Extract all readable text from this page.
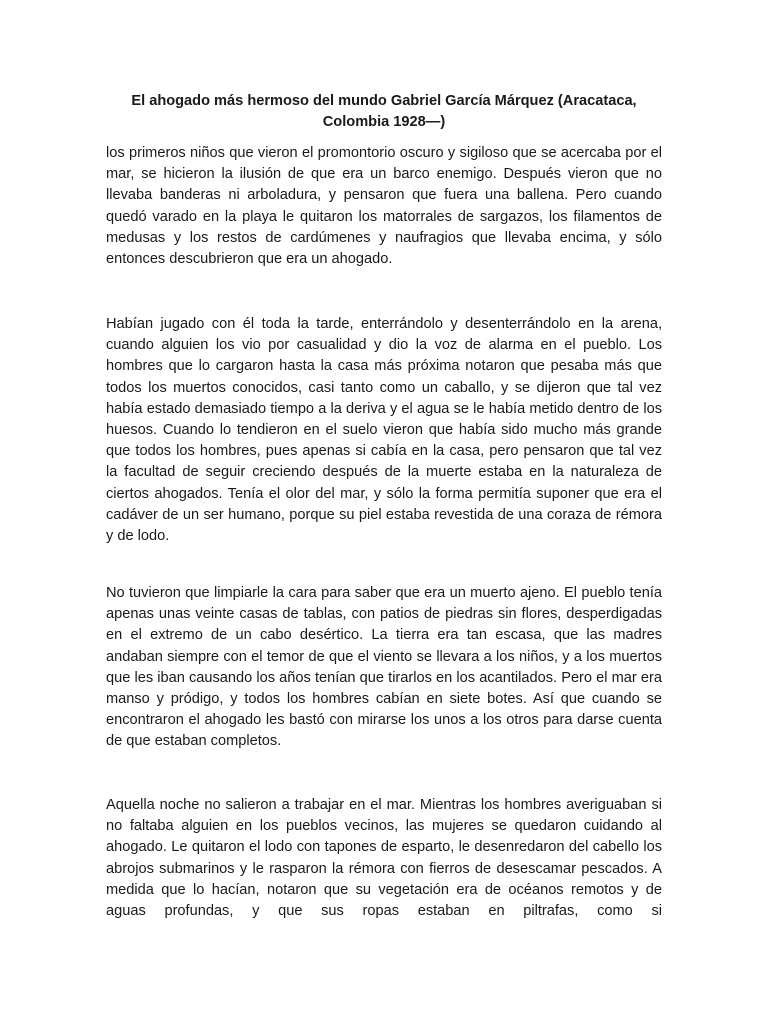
El ahogado más hermoso del mundo Gabriel García Márquez (Aracataca, Colombia 1928—)

los primeros niños que vieron el promontorio oscuro y sigiloso que se acercaba por el mar, se hicieron la ilusión de que era un barco enemigo. Después vieron que no llevaba banderas ni arboladura, y pensaron que fuera una ballena. Pero cuando quedó varado en la playa le quitaron los matorrales de sargazos, los filamentos de medusas y los restos de cardúmenes y naufragios que llevaba encima, y sólo entonces descubrieron que era un ahogado.

Habían jugado con él toda la tarde, enterrándolo y desenterrándolo en la arena, cuando alguien los vio por casualidad y dio la voz de alarma en el pueblo. Los hombres que lo cargaron hasta la casa más próxima notaron que pesaba más que todos los muertos conocidos, casi tanto como un caballo, y se dijeron que tal vez había estado demasiado tiempo a la deriva y el agua se le había metido dentro de los huesos. Cuando lo tendieron en el suelo vieron que había sido mucho más grande que todos los hombres, pues apenas si cabía en la casa, pero pensaron que tal vez la facultad de seguir creciendo después de la muerte estaba en la naturaleza de ciertos ahogados. Tenía el olor del mar, y sólo la forma permitía suponer que era el cadáver de un ser humano, porque su piel estaba revestida de una coraza de rémora y de lodo.

No tuvieron que limpiarle la cara para saber que era un muerto ajeno. El pueblo tenía apenas unas veinte casas de tablas, con patios de piedras sin flores, desperdigadas en el extremo de un cabo desértico. La tierra era tan escasa, que las madres andaban siempre con el temor de que el viento se llevara a los niños, y a los muertos que les iban causando los años tenían que tirarlos en los acantilados. Pero el mar era manso y pródigo, y todos los hombres cabían en siete botes. Así que cuando se encontraron el ahogado les bastó con mirarse los unos a los otros para darse cuenta de que estaban completos.

Aquella noche no salieron a trabajar en el mar. Mientras los hombres averiguaban si no faltaba alguien en los pueblos vecinos, las mujeres se quedaron cuidando al ahogado. Le quitaron el lodo con tapones de esparto, le desenredaron del cabello los abrojos submarinos y le rasparon la rémora con fierros de desescamar pescados. A medida que lo hacían, notaron que su vegetación era de océanos remotos y de aguas profundas, y que sus ropas estaban en piltrafas, como si
